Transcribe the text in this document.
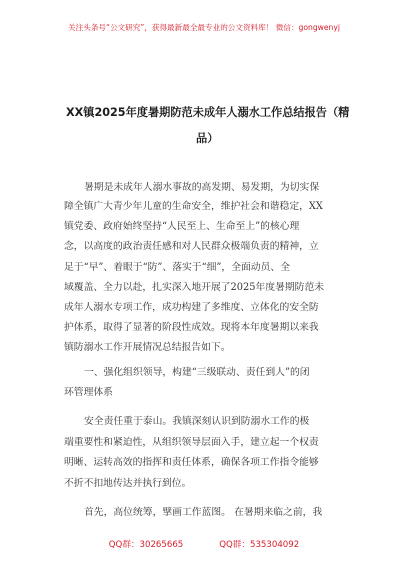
关注头条号“公文研究”，获得最新最全最专业的公文资料库！ 微信：gongwenyj
XX镇2025年度暑期防范未成年人溺水工作总结报告（精
品）
暑期是未成年人溺水事故的高发期、易发期，为切实保
障全镇广大青少年儿童的生命安全，维护社会和谐稳定，XX
镇党委、政府始终坚持“人民至上、生命至上”的核心理
念，以高度的政治责任感和对人民群众极端负责的精神，立
足于“早”、着眼于“防”、落实于“细”，全面动员、全
域覆盖、全力以赴，扎实深入地开展了2025年度暑期防范未
成年人溺水专项工作，成功构建了多维度、立体化的安全防
护体系，取得了显著的阶段性成效。现将本年度暑期以来我
镇防溺水工作开展情况总结报告如下。
一、强化组织领导，构建“三级联动、责任到人”的闭
环管理体系
安全责任重于泰山。我镇深刻认识到防溺水工作的极
端重要性和紧迫性，从组织领导层面入手，建立起一个权责
明晰、运转高效的指挥和责任体系，确保各项工作指令能够
不折不扣地传达并执行到位。
首先，高位统筹，擘画工作蓝图。 在暑期来临之前，我
QQ群：30265665	QQ群：535304092
